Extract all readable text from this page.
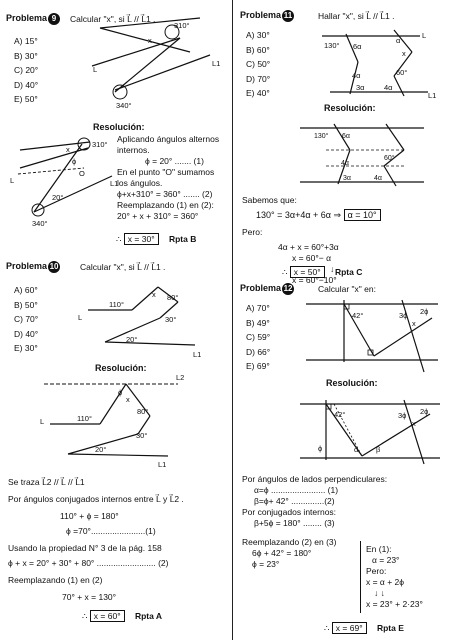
Problema 9	Calcular "x", si L⃗ // L⃗1 .
A) 15°
B) 30°
C) 20°
D) 40°
E) 50°
310°
340°
x
L
L1
Resolución:
Aplicando ángulos alternos
internos.
ϕ = 20° ....... (1)
En el punto "O" sumamos
los ángulos.
ϕ+x+310° = 360° ....... (2)
Reemplazando (1) en (2):
20° + x + 310° = 360°
310°
340°
x
ϕ
O
20°
L	L1
∴ x = 30° Rpta B
Problema 10	Calcular "x", si L⃗ // L⃗1 .
A) 60°
B) 50°
C) 70°
D) 40°
E) 30°
110°
80°
30°
20°
x
L
L1
Resolución:
110°
80°
30°
20°
x
ϕ
L
L1
L2
Se traza L⃗2 // L⃗ // L⃗1
Por ángulos conjugados internos entre L⃗ y L⃗2 .
110° + ϕ = 180°
ϕ =70°.......................(1)
Usando la propiedad N° 3 de la pág. 158
ϕ + x = 20° + 30° + 80° ......................... (2)
Reemplazando (1) en (2)
70° + x = 130°
∴ x = 60° Rpta A
Problema 11	Hallar "x", si L⃗ // L⃗1 .
A) 30°
B) 60°
C) 50°
D) 70°
E) 40°
130° 6α
4α
3α
60°
4α
x
α
L
L1
Resolución:
130° 6α
4α
3α
60°
4α
Sabemos que:
130° = 3α+4α + 6α ⇒ α = 10°
Pero:
4α + x = 60°+3α
x = 60°− α
↓
x = 60°−10°
∴ x = 50° Rpta C
Problema 12	Calcular "x" en:
A) 70°
B) 49°
C) 59°
D) 66°
E) 69°
42°	3ϕ 2ϕ
x
Resolución:
42°	3ϕ 2ϕ
x
α β
ϕ
Por ángulos de lados perpendiculares:
α=ϕ ....................... (1)
β=ϕ+ 42° ..............(2)
Por conjugados internos:
β+5ϕ = 180° ........ (3)
Reemplazando (2) en (3)
6ϕ + 42° = 180°
ϕ = 23°
En (1):
α = 23°
Pero:
x = α + 2ϕ
↓ ↓
x = 23° + 2·23°
∴ x = 69° Rpta E
